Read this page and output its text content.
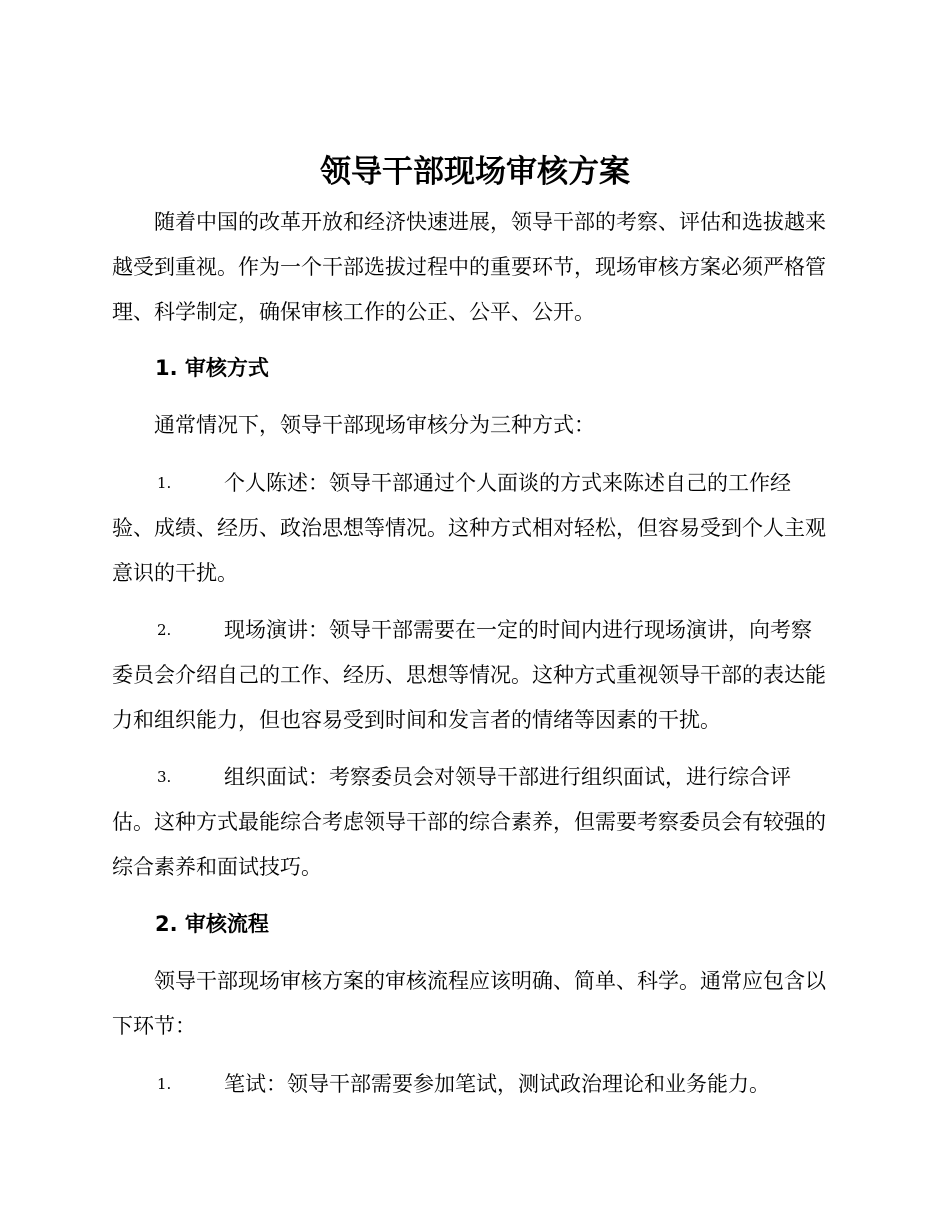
领导干部现场审核方案

随着中国的改革开放和经济快速进展，领导干部的考察、评估和选拔越来越受到重视。作为一个干部选拔过程中的重要环节，现场审核方案必须严格管理、科学制定，确保审核工作的公正、公平、公开。

1. 审核方式

通常情况下，领导干部现场审核分为三种方式：

1.	个人陈述：领导干部通过个人面谈的方式来陈述自己的工作经验、成绩、经历、政治思想等情况。这种方式相对轻松，但容易受到个人主观意识的干扰。
2.	现场演讲：领导干部需要在一定的时间内进行现场演讲，向考察委员会介绍自己的工作、经历、思想等情况。这种方式重视领导干部的表达能力和组织能力，但也容易受到时间和发言者的情绪等因素的干扰。
3.	组织面试：考察委员会对领导干部进行组织面试，进行综合评估。这种方式最能综合考虑领导干部的综合素养，但需要考察委员会有较强的综合素养和面试技巧。
2. 审核流程

领导干部现场审核方案的审核流程应该明确、简单、科学。通常应包含以下环节：

1.	笔试：领导干部需要参加笔试，测试政治理论和业务能力。
